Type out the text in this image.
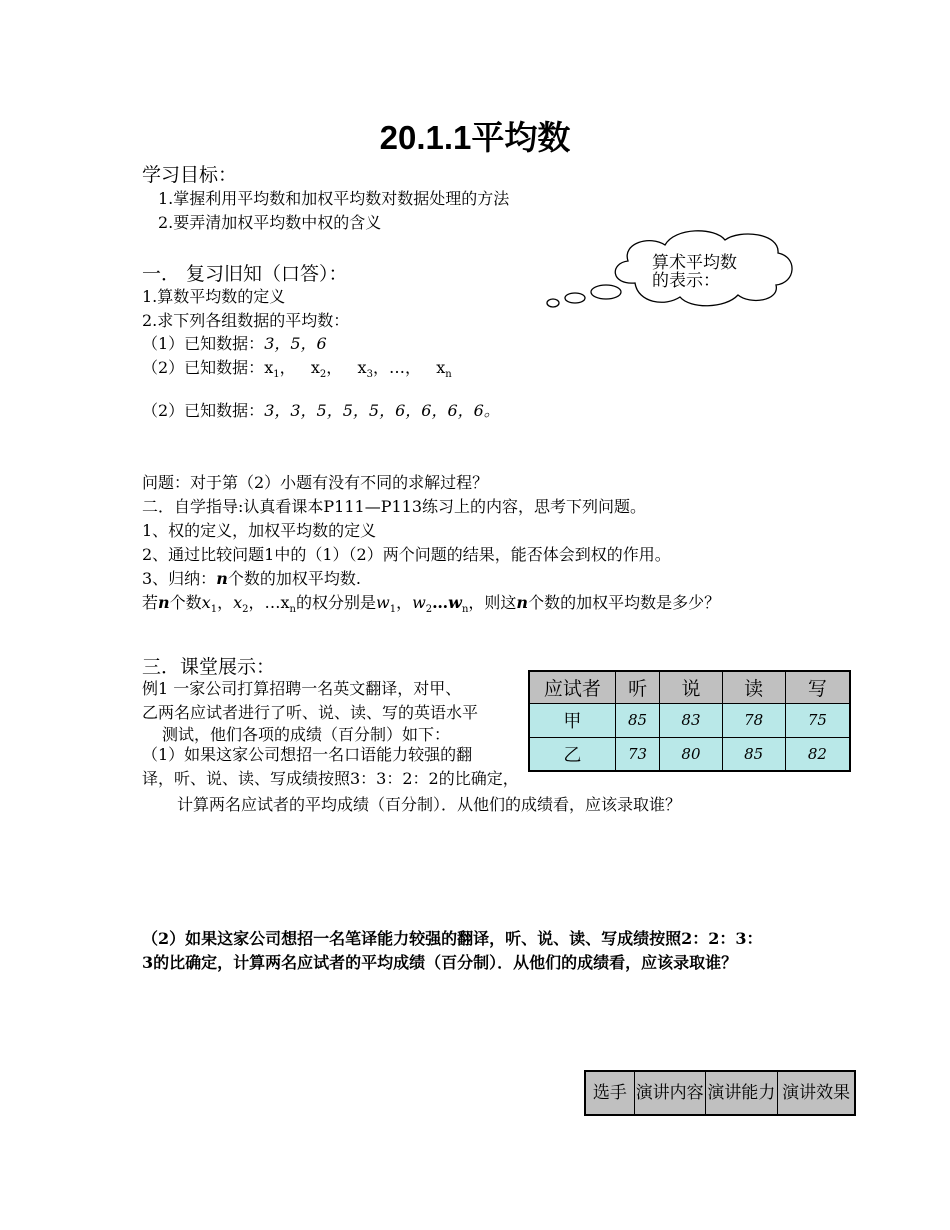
20.1.1平均数
学习目标：
1.掌握利用平均数和加权平均数对数据处理的方法
2.要弄清加权平均数中权的含义
一． 复习旧知（口答）：
1.算数平均数的定义
2.求下列各组数据的平均数：
（1）已知数据：3，5，6
（2）已知数据：$x_1$，   $x_2$，   $x_3$，…， $x_n$
（2）已知数据：3，3，5，5，5，6，6，6，6。
算术平均数
的表示：
问题：对于第（2）小题有没有不同的求解过程？
二．自学指导:认真看课本P111—P113练习上的内容，思考下列问题。
1、权的定义，加权平均数的定义
2、通过比较问题1中的（1）（2）两个问题的结果，能否体会到权的作用。
3、归纳：n个数的加权平均数.
若n个数$x_1$，$x_2$，$\dots x_n$的权分别是$w_1$，$w_2\dots w_n$，则这n个数的加权平均数是多少？
三．课堂展示：
例1 一家公司打算招聘一名英文翻译，对甲、
乙两名应试者进行了听、说、读、写的英语水平
测试，他们各项的成绩（百分制）如下：
（1）如果这家公司想招一名口语能力较强的翻
译，听、说、读、写成绩按照3：3：2：2的比确定，
计算两名应试者的平均成绩（百分制）．从他们的成绩看，应该录取谁？
应试者	听	说	读	写
甲	85	83	78	75
乙	73	80	85	82
（2）如果这家公司想招一名笔译能力较强的翻译，听、说、读、写成绩按照2：2：3：
3的比确定，计算两名应试者的平均成绩（百分制）．从他们的成绩看，应该录取谁？
选手	演讲内容	演讲能力	演讲效果
